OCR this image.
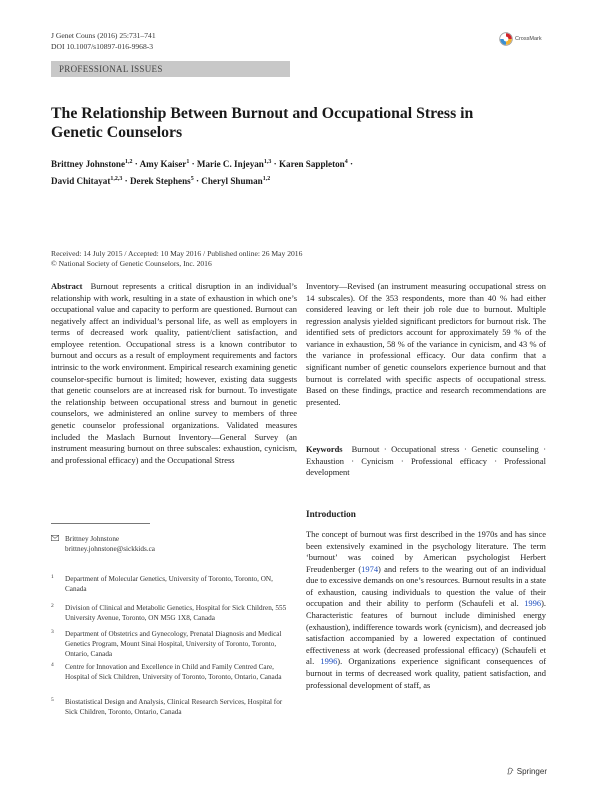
J Genet Couns (2016) 25:731–741
DOI 10.1007/s10897-016-9968-3
CrossMark
PROFESSIONAL ISSUES
The Relationship Between Burnout and Occupational Stress in Genetic Counselors
Brittney Johnstone$^{1,2}$ · Amy Kaiser$^1$ · Marie C. Injeyan$^{1,3}$ · Karen Sappleton$^4$ ·
David Chitayat$^{1,2,3}$ · Derek Stephens$^5$ · Cheryl Shuman$^{1,2}$
Received: 14 July 2015 / Accepted: 10 May 2016 / Published online: 26 May 2016
© National Society of Genetic Counselors, Inc. 2016

Abstract Burnout represents a critical disruption in an individual’s relationship with work, resulting in a state of exhaustion in which one’s occupational value and capacity to perform are questioned. Burnout can negatively affect an individual’s personal life, as well as employers in terms of decreased work quality, patient/client satisfaction, and employee retention. Occupational stress is a known contributor to burnout and occurs as a result of employment requirements and factors intrinsic to the work environment. Empirical research examining genetic counselor-specific burnout is limited; however, existing data suggests that genetic counselors are at increased risk for burnout. To investigate the relationship between occupational stress and burnout in genetic counselors, we administered an online survey to members of three genetic counselor professional organizations. Validated measures included the Maslach Burnout Inventory—General Survey (an instrument measuring burnout on three subscales: exhaustion, cynicism, and professional efficacy) and the Occupational Stress

Inventory—Revised (an instrument measuring occupational stress on 14 subscales). Of the 353 respondents, more than 40 % had either considered leaving or left their job role due to burnout. Multiple regression analysis yielded significant predictors for burnout risk. The identified sets of predictors account for approximately 59 % of the variance in exhaustion, 58 % of the variance in cynicism, and 43 % of the variance in professional efficacy. Our data confirm that a significant number of genetic counselors experience burnout and that burnout is correlated with specific aspects of occupational stress. Based on these findings, practice and research recommendations are presented.

Keywords Burnout · Occupational stress · Genetic counseling · Exhaustion · Cynicism · Professional efficacy · Professional development
Introduction

The concept of burnout was first described in the 1970s and has since been extensively examined in the psychology literature. The term ‘burnout’ was coined by American psychologist Herbert Freudenberger (1974) and refers to the wearing out of an individual due to excessive demands on one’s resources. Burnout results in a state of exhaustion, causing individuals to question the value of their occupation and their ability to perform (Schaufeli et al. 1996). Characteristic features of burnout include diminished energy (exhaustion), indifference towards work (cynicism), and decreased job satisfaction accompanied by a lowered expectation of continued effectiveness at work (decreased professional efficacy) (Schaufeli et al. 1996). Organizations experience significant consequences of burnout in terms of decreased work quality, patient satisfaction, and professional development of staff, as

Brittney Johnstone
brittney.johnstone@sickkids.ca
1 Department of Molecular Genetics, University of Toronto, Toronto, ON, Canada
2 Division of Clinical and Metabolic Genetics, Hospital for Sick Children, 555 University Avenue, Toronto, ON M5G 1X8, Canada
3 Department of Obstetrics and Gynecology, Prenatal Diagnosis and Medical Genetics Program, Mount Sinai Hospital, University of Toronto, Toronto, Ontario, Canada
4 Centre for Innovation and Excellence in Child and Family Centred Care, Hospital of Sick Children, University of Toronto, Toronto, Ontario, Canada
5 Biostatistical Design and Analysis, Clinical Research Services, Hospital for Sick Children, Toronto, Ontario, Canada
Springer
